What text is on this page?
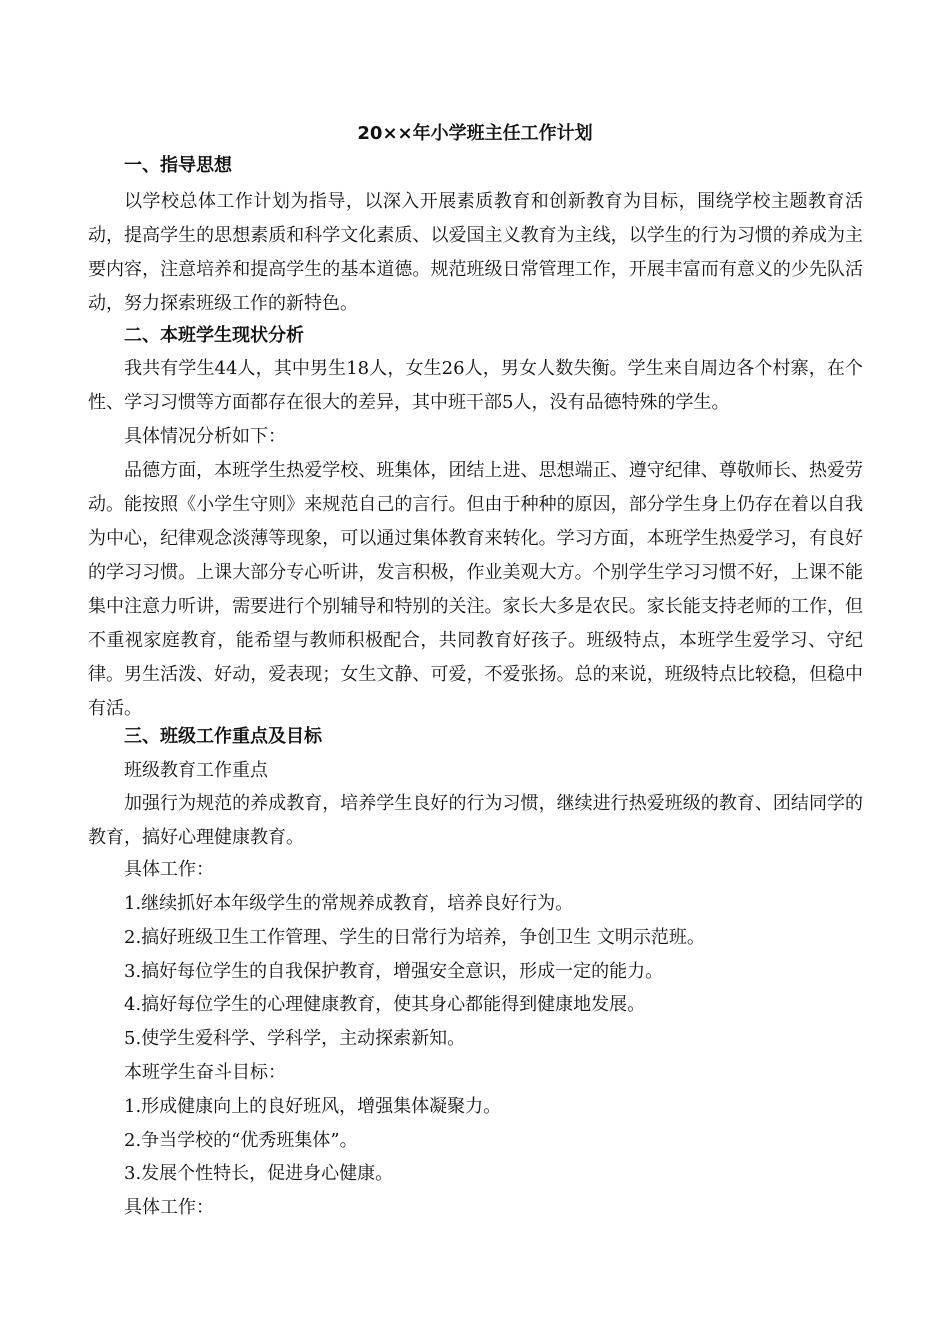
20××年小学班主任工作计划
一、指导思想

以学校总体工作计划为指导，以深入开展素质教育和创新教育为目标，围绕学校主题教育活动，提高学生的思想素质和科学文化素质、以爱国主义教育为主线，以学生的行为习惯的养成为主要内容，注意培养和提高学生的基本道德。规范班级日常管理工作，开展丰富而有意义的少先队活动，努力探索班级工作的新特色。

二、本班学生现状分析

我共有学生44人，其中男生18人，女生26人，男女人数失衡。学生来自周边各个村寨，在个性、学习习惯等方面都存在很大的差异，其中班干部5人，没有品德特殊的学生。

具体情况分析如下：

品德方面，本班学生热爱学校、班集体，团结上进、思想端正、遵守纪律、尊敬师长、热爱劳动。能按照《小学生守则》来规范自己的言行。但由于种种的原因，部分学生身上仍存在着以自我为中心，纪律观念淡薄等现象，可以通过集体教育来转化。学习方面，本班学生热爱学习，有良好的学习习惯。上课大部分专心听讲，发言积极，作业美观大方。个别学生学习习惯不好，上课不能集中注意力听讲，需要进行个别辅导和特别的关注。家长大多是农民。家长能支持老师的工作，但不重视家庭教育，能希望与教师积极配合，共同教育好孩子。班级特点，本班学生爱学习、守纪律。男生活泼、好动，爱表现；女生文静、可爱，不爱张扬。总的来说，班级特点比较稳，但稳中有活。

三、班级工作重点及目标
班级教育工作重点

加强行为规范的养成教育，培养学生良好的行为习惯，继续进行热爱班级的教育、团结同学的教育，搞好心理健康教育。

具体工作：
1.继续抓好本年级学生的常规养成教育，培养良好行为。
2.搞好班级卫生工作管理、学生的日常行为培养，争创卫生 文明示范班。
3.搞好每位学生的自我保护教育，增强安全意识，形成一定的能力。
4.搞好每位学生的心理健康教育，使其身心都能得到健康地发展。
5.使学生爱科学、学科学，主动探索新知。
本班学生奋斗目标：
1.形成健康向上的良好班风，增强集体凝聚力。
2.争当学校的“优秀班集体”。
3.发展个性特长，促进身心健康。
具体工作：
